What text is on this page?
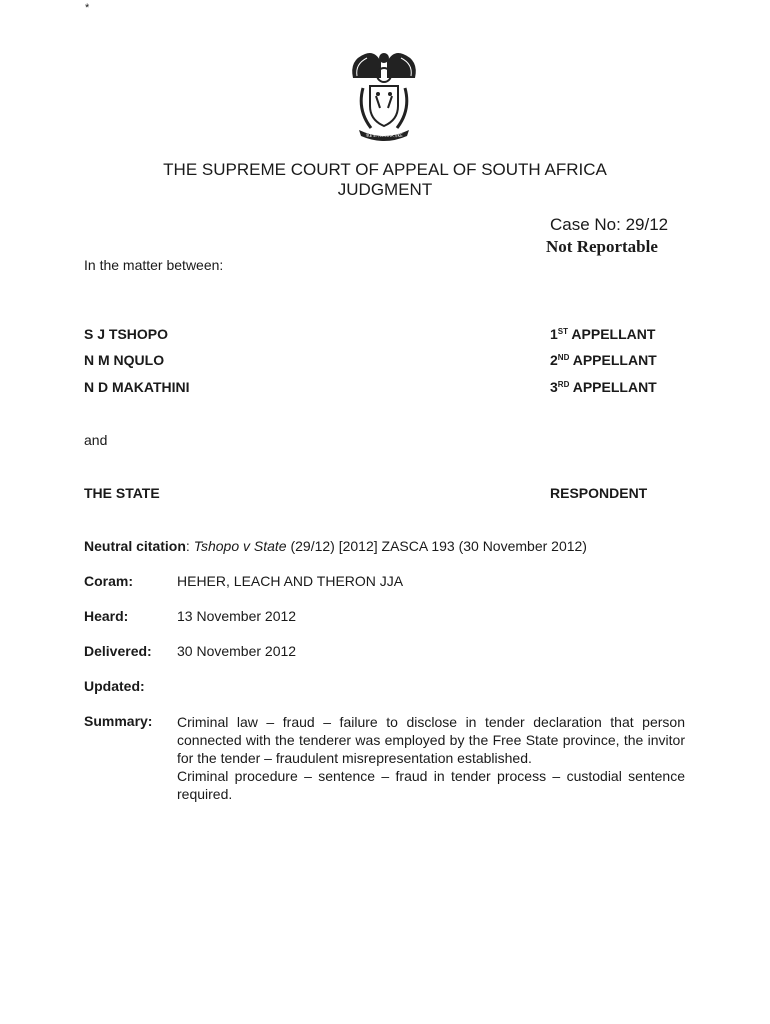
*
!KE E: /XARRA //KE
THE SUPREME COURT OF APPEAL OF SOUTH AFRICA
JUDGMENT
Case No: 29/12
Not Reportable
In the matter between:
S J TSHOPO	1ST APPELLANT
N M NQULO	2ND APPELLANT
N D MAKATHINI	3RD APPELLANT
and
THE STATE	RESPONDENT
Neutral citation: Tshopo v State (29/12) [2012] ZASCA 193 (30 November 2012)
Coram:	HEHER, LEACH AND THERON JJA
Heard:	13 November 2012
Delivered: 30 November 2012
Updated:
Summary: Criminal law – fraud – failure to disclose in tender declaration that person connected with the tenderer was employed by the Free State province, the invitor for the tender – fraudulent misrepresentation established.
Criminal procedure – sentence – fraud in tender process – custodial sentence required.
